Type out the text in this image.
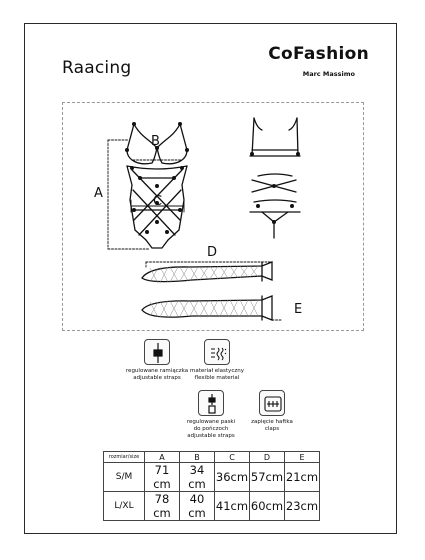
Raacing
CoFashion
Marc Massimo
A
B
C
D
E
regulowane ramiączka
adjustable straps
materiał elastyczny
flexible material
regulowane paski
do pończoch
adjustable straps
zapięcie haftka
claps
rozmiar/size	A	B	C	D	E
S/M	71 cm	34 cm	36cm	57cm	21cm
L/XL	78 cm	40 cm	41cm	60cm	23cm
